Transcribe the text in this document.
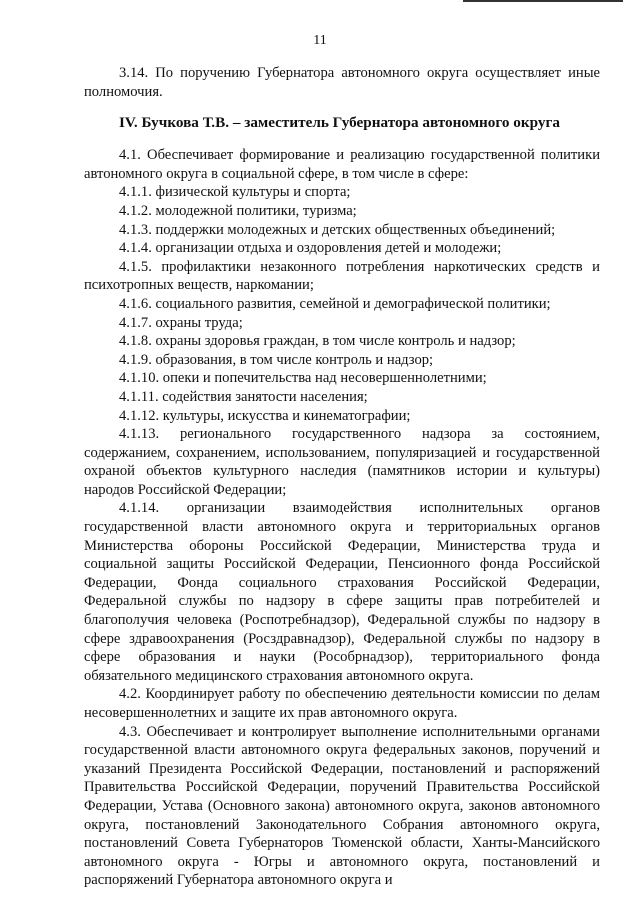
11

3.14. По поручению Губернатора автономного округа осуществляет иные полномочия.

IV. Бучкова Т.В. – заместитель Губернатора автономного округа

4.1. Обеспечивает формирование и реализацию государственной политики автономного округа в социальной сфере, в том числе в сфере:

4.1.1. физической культуры и спорта;

4.1.2. молодежной политики, туризма;

4.1.3. поддержки молодежных и детских общественных объединений;

4.1.4. организации отдыха и оздоровления детей и молодежи;

4.1.5. профилактики незаконного потребления наркотических средств и психотропных веществ, наркомании;

4.1.6. социального развития, семейной и демографической политики;

4.1.7. охраны труда;

4.1.8. охраны здоровья граждан, в том числе контроль и надзор;

4.1.9. образования, в том числе контроль и надзор;

4.1.10. опеки и попечительства над несовершеннолетними;

4.1.11. содействия занятости населения;

4.1.12. культуры, искусства и кинематографии;

4.1.13. регионального государственного надзора за состоянием, содержанием, сохранением, использованием, популяризацией и государственной охраной объектов культурного наследия (памятников истории и культуры) народов Российской Федерации;

4.1.14. организации взаимодействия исполнительных органов государственной власти автономного округа и территориальных органов Министерства обороны Российской Федерации, Министерства труда и социальной защиты Российской Федерации, Пенсионного фонда Российской Федерации, Фонда социального страхования Российской Федерации, Федеральной службы по надзору в сфере защиты прав потребителей и благополучия человека (Роспотребнадзор), Федеральной службы по надзору в сфере здравоохранения (Росздравнадзор), Федеральной службы по надзору в сфере образования и науки (Рособрнадзор), территориального фонда обязательного медицинского страхования автономного округа.

4.2. Координирует работу по обеспечению деятельности комиссии по делам несовершеннолетних и защите их прав автономного округа.

4.3. Обеспечивает и контролирует выполнение исполнительными органами государственной власти автономного округа федеральных законов, поручений и указаний Президента Российской Федерации, постановлений и распоряжений Правительства Российской Федерации, поручений Правительства Российской Федерации, Устава (Основного закона) автономного округа, законов автономного округа, постановлений Законодательного Собрания автономного округа, постановлений Совета Губернаторов Тюменской области, Ханты-Мансийского автономного округа - Югры и автономного округа, постановлений и распоряжений Губернатора автономного округа и
